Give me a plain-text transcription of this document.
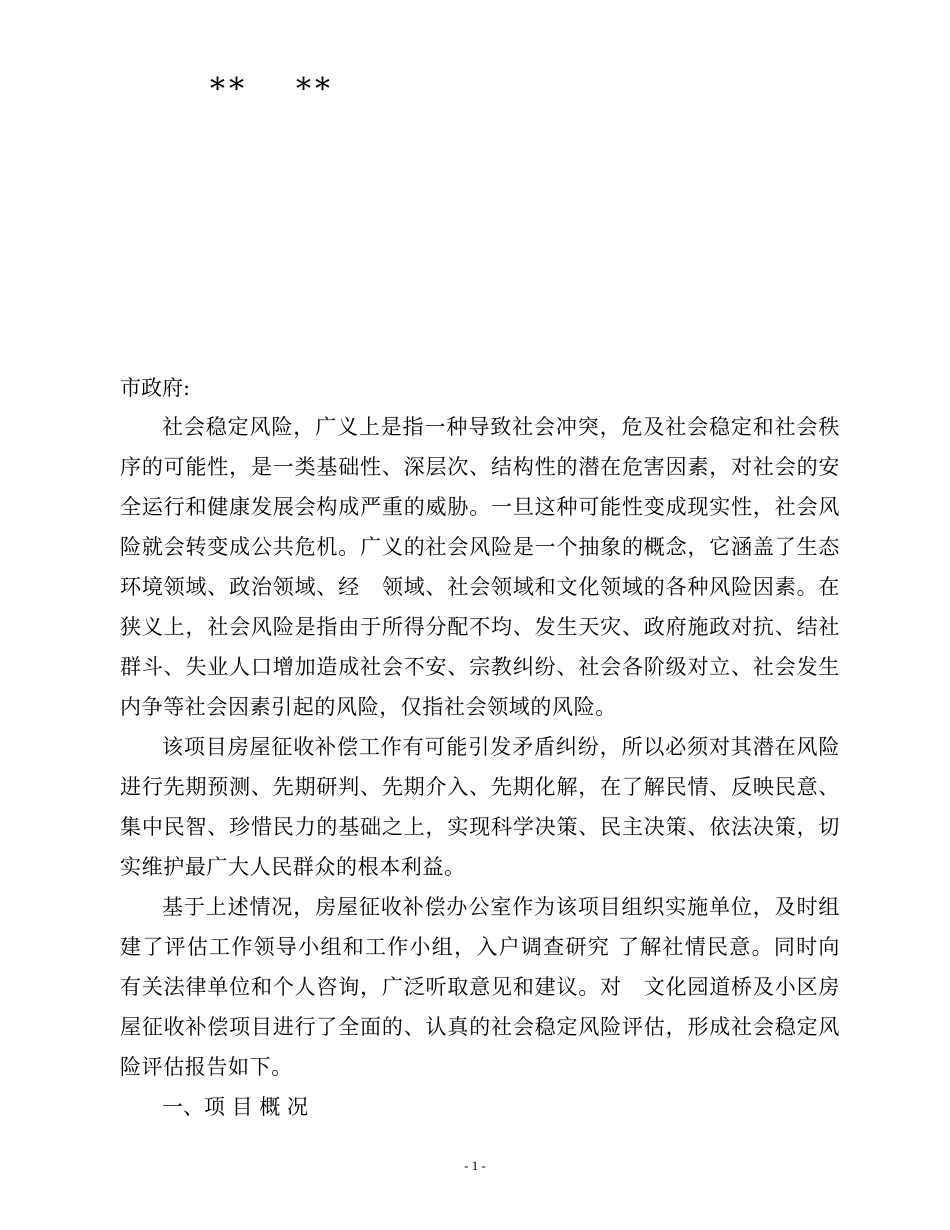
** **

市政府:

社会稳定风险，广义上是指一种导致社会冲突，危及社会稳定和社会秩序的可能性，是一类基础性、深层次、结构性的潜在危害因素，对社会的安全运行和健康发展会构成严重的威胁。一旦这种可能性变成现实性，社会风险就会转变成公共危机。广义的社会风险是一个抽象的概念，它涵盖了生态环境领域、政治领域、经　领域、社会领域和文化领域的各种风险因素。在狭义上，社会风险是指由于所得分配不均、发生天灾、政府施政对抗、结社群斗、失业人口增加造成社会不安、宗教纠纷、社会各阶级对立、社会发生内争等社会因素引起的风险，仅指社会领域的风险。

该项目房屋征收补偿工作有可能引发矛盾纠纷，所以必须对其潜在风险进行先期预测、先期研判、先期介入、先期化解，在了解民情、反映民意、集中民智、珍惜民力的基础之上，实现科学决策、民主决策、依法决策，切实维护最广大人民群众的根本利益。

基于上述情况，房屋征收补偿办公室作为该项目组织实施单位，及时组建了评估工作领导小组和工作小组，入户调查研究 了解社情民意。同时向有关法律单位和个人咨询，广泛听取意见和建议。对　文化园道桥及小区房屋征收补偿项目进行了全面的、认真的社会稳定风险评估，形成社会稳定风险评估报告如下。

一、项 目 概 况

- 1 -
